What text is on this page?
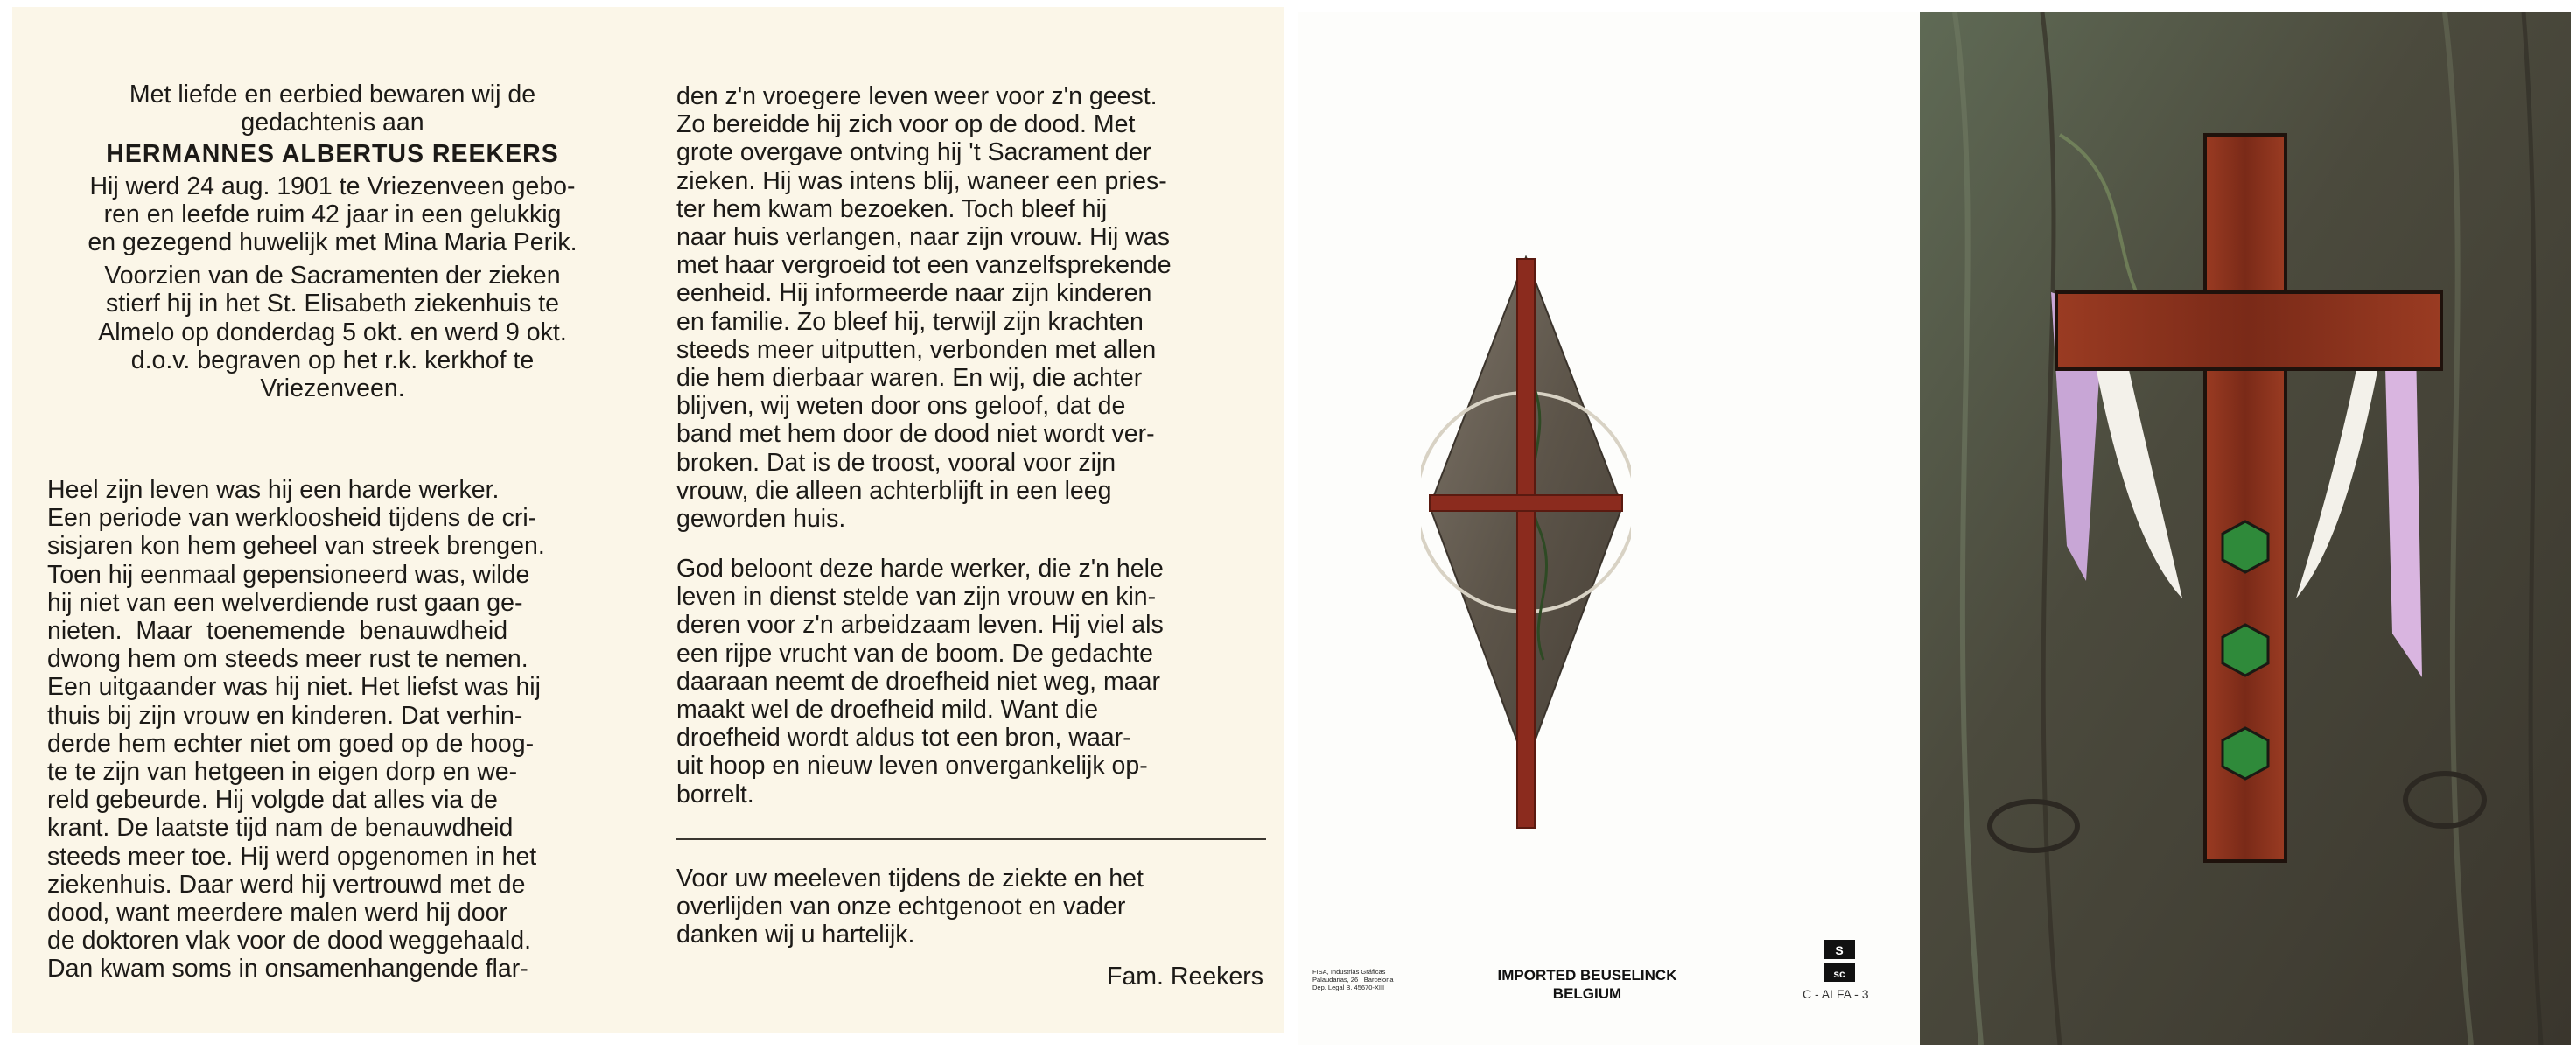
Met liefde en eerbied bewaren wij de
gedachtenis aan
HERMANNES ALBERTUS REEKERS
Hij werd 24 aug. 1901 te Vriezenveen gebo-
ren en leefde ruim 42 jaar in een gelukkig
en gezegend huwelijk met Mina Maria Perik.
Voorzien van de Sacramenten der zieken
stierf hij in het St. Elisabeth ziekenhuis te
Almelo op donderdag 5 okt. en werd 9 okt.
d.o.v. begraven op het r.k. kerkhof te
Vriezenveen.
Heel zijn leven was hij een harde werker.
Een periode van werkloosheid tijdens de cri-
sisjaren kon hem geheel van streek brengen.
Toen hij eenmaal gepensioneerd was, wilde
hij niet van een welverdiende rust gaan ge-
nieten.  Maar  toenemende  benauwdheid
dwong hem om steeds meer rust te nemen.
Een uitgaander was hij niet. Het liefst was hij
thuis bij zijn vrouw en kinderen. Dat verhin-
derde hem echter niet om goed op de hoog-
te te zijn van hetgeen in eigen dorp en we-
reld gebeurde. Hij volgde dat alles via de
krant. De laatste tijd nam de benauwdheid
steeds meer toe. Hij werd opgenomen in het
ziekenhuis. Daar werd hij vertrouwd met de
dood, want meerdere malen werd hij door
de doktoren vlak voor de dood weggehaald.
Dan kwam soms in onsamenhangende flar-
den z'n vroegere leven weer voor z'n geest.
Zo bereidde hij zich voor op de dood. Met
grote overgave ontving hij 't Sacrament der
zieken. Hij was intens blij, waneer een pries-
ter hem kwam bezoeken. Toch bleef hij
naar huis verlangen, naar zijn vrouw. Hij was
met haar vergroeid tot een vanzelfsprekende
eenheid. Hij informeerde naar zijn kinderen
en familie. Zo bleef hij, terwijl zijn krachten
steeds meer uitputten, verbonden met allen
die hem dierbaar waren. En wij, die achter
blijven, wij weten door ons geloof, dat de
band met hem door de dood niet wordt ver-
broken. Dat is de troost, vooral voor zijn
vrouw, die alleen achterblijft in een leeg
geworden huis.
God beloont deze harde werker, die z'n hele
leven in dienst stelde van zijn vrouw en kin-
deren voor z'n arbeidzaam leven. Hij viel als
een rijpe vrucht van de boom. De gedachte
daaraan neemt de droefheid niet weg, maar
maakt wel de droefheid mild. Want die
droefheid wordt aldus tot een bron, waar-
uit hoop en nieuw leven onvergankelijk op-
borrelt.
Voor uw meeleven tijdens de ziekte en het
overlijden van onze echtgenoot en vader
danken wij u hartelijk.
Fam. Reekers	FISA, Industrias Gráficas
Palaudarias, 26 · Barcelona
Dep. Legal B. 45670-XIII
IMPORTED BEUSELINCK
BELGIUM
S
sc
C - ALFA - 3
